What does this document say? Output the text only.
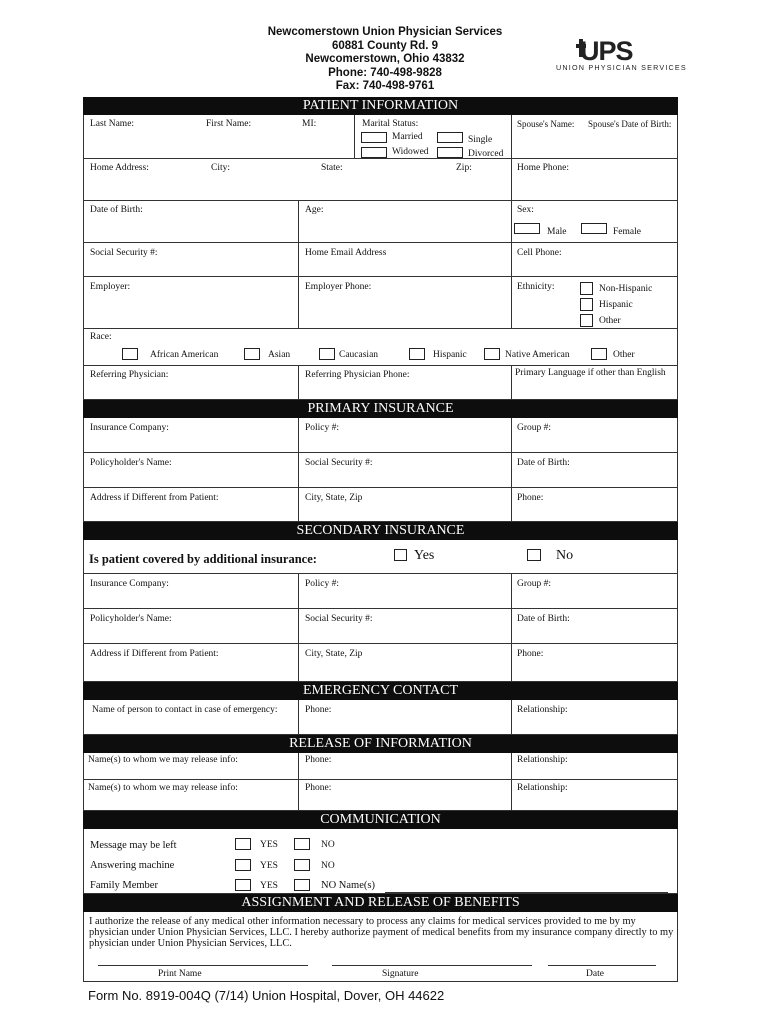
Newcomerstown Union Physician Services
60881 County Rd. 9
Newcomerstown, Ohio 43832
Phone: 740-498-9828
Fax: 740-498-9761
UPS
UNION PHYSICIAN SERVICES
PATIENT INFORMATION
Last Name:	First Name:	MI:	Marital Status:
Married	Single
Widowed	Divorced
Spouse's Name: Spouse's Date of Birth:
Home Address:	City:	State:	Zip:	Home Phone:
Date of Birth:	Age:	Sex:
Male	Female
Social Security #:	Home Email Address	Cell Phone:
Employer:	Employer Phone:	Ethnicity:	Non-Hispanic
Hispanic
Other
Race:
African American	Asian	Caucasian	Hispanic	Native American	Other
Referring Physician:	Referring Physician Phone:	Primary Language if other than English
PRIMARY INSURANCE
Insurance Company:	Policy #:	Group #:
Policyholder's Name:	Social Security #:	Date of Birth:
Address if Different from Patient:	City, State, Zip	Phone:
SECONDARY INSURANCE
Is patient covered by additional insurance:	Yes	No
Insurance Company:	Policy #:	Group #:
Policyholder's Name:	Social Security #:	Date of Birth:
Address if Different from Patient:	City, State, Zip	Phone:
EMERGENCY CONTACT
Name of person to contact in case of emergency:	Phone:	Relationship:
RELEASE OF INFORMATION
Name(s) to whom we may release info:	Phone:	Relationship:
Name(s) to whom we may release info:	Phone:	Relationship:
COMMUNICATION
Message may be left	YES	NO
Answering machine	YES	NO
Family Member	YES	NO Name(s)
ASSIGNMENT AND RELEASE OF BENEFITS
I authorize the release of any medical other information necessary to process any claims for medical services provided to me by my physician under Union Physician Services, LLC. I hereby authorize payment of medical benefits from my insurance company directly to my physician under Union Physician Services, LLC.
Print Name	Signature	Date
Form No. 8919-004Q (7/14) Union Hospital, Dover, OH 44622
